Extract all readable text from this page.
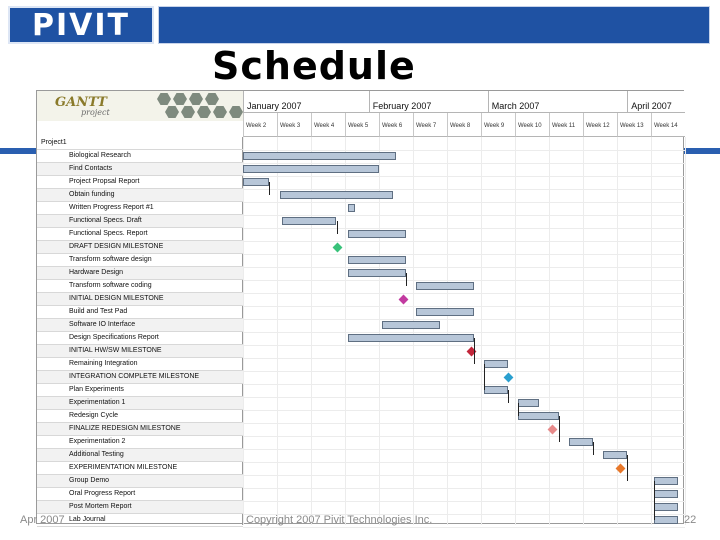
PIVIT
Schedule
GANTT
project
January 2007	February 2007	March 2007	April 2007
Week 2	Week 3	Week 4	Week 5	Week 6	Week 7	Week 8	Week 9	Week 10	Week 11	Week 12	Week 13	Week 14
Project1
Biological Research
Find Contacts
Project Propsal Report
Obtain funding
Written Progress Report #1
Functional Specs. Draft
Functional Specs. Report
DRAFT DESIGN MILESTONE
Transform software design
Hardware Design
Transform software coding
INITIAL DESIGN MILESTONE
Build and Test Pad
Software IO Interface
Design Specifications Report
INITIAL HW/SW MILESTONE
Remaining Integration
INTEGRATION COMPLETE MILESTONE
Plan Experiments
Experimentation 1
Redesign Cycle
FINALIZE REDESIGN MILESTONE
Experimentation 2
Additional Testing
EXPERIMENTATION MILESTONE
Group Demo
Oral Progress Report
Post Mortem Report
Lab Journal
Apr 2007	Copyright 2007 Pivit Technologies Inc.	22
